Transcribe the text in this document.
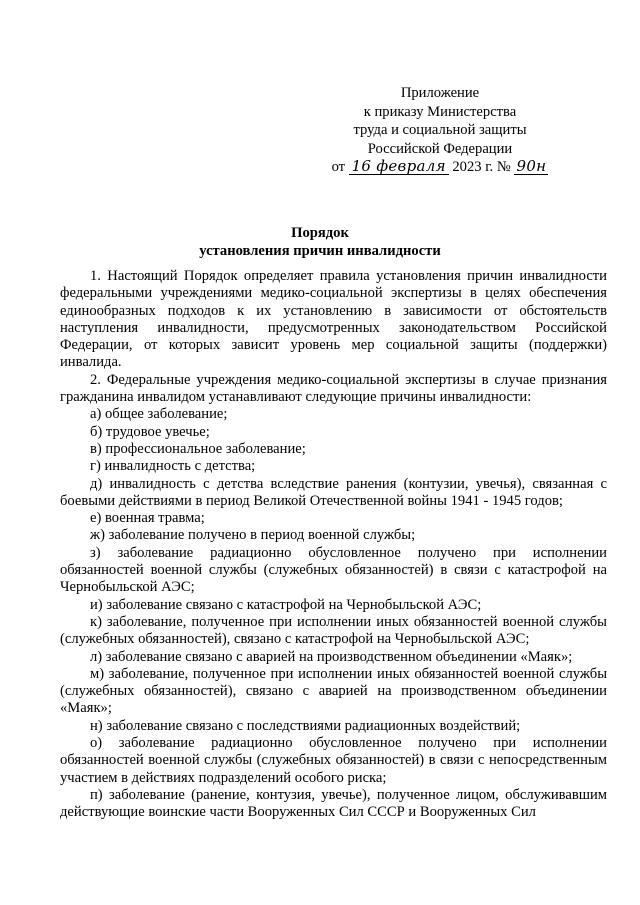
Приложение
к приказу Министерства
труда и социальной защиты
Российской Федерации
от 16 февраля 2023 г. № 90н
Порядок
установления причин инвалидности

1. Настоящий Порядок определяет правила установления причин инвалидности федеральными учреждениями медико-социальной экспертизы в целях обеспечения единообразных подходов к их установлению в зависимости от обстоятельств наступления инвалидности, предусмотренных законодательством Российской Федерации, от которых зависит уровень мер социальной защиты (поддержки) инвалида.

2. Федеральные учреждения медико-социальной экспертизы в случае признания гражданина инвалидом устанавливают следующие причины инвалидности:

а) общее заболевание;

б) трудовое увечье;

в) профессиональное заболевание;

г) инвалидность с детства;

д) инвалидность с детства вследствие ранения (контузии, увечья), связанная с боевыми действиями в период Великой Отечественной войны 1941 - 1945 годов;

е) военная травма;

ж) заболевание получено в период военной службы;

з) заболевание радиационно обусловленное получено при исполнении обязанностей военной службы (служебных обязанностей) в связи с катастрофой на Чернобыльской АЭС;

и) заболевание связано с катастрофой на Чернобыльской АЭС;

к) заболевание, полученное при исполнении иных обязанностей военной службы (служебных обязанностей), связано с катастрофой на Чернобыльской АЭС;

л) заболевание связано с аварией на производственном объединении «Маяк»;

м) заболевание, полученное при исполнении иных обязанностей военной службы (служебных обязанностей), связано с аварией на производственном объединении «Маяк»;

н) заболевание связано с последствиями радиационных воздействий;

о) заболевание радиационно обусловленное получено при исполнении обязанностей военной службы (служебных обязанностей) в связи с непосредственным участием в действиях подразделений особого риска;

п) заболевание (ранение, контузия, увечье), полученное лицом, обслуживавшим действующие воинские части Вооруженных Сил СССР и Вооруженных Сил
